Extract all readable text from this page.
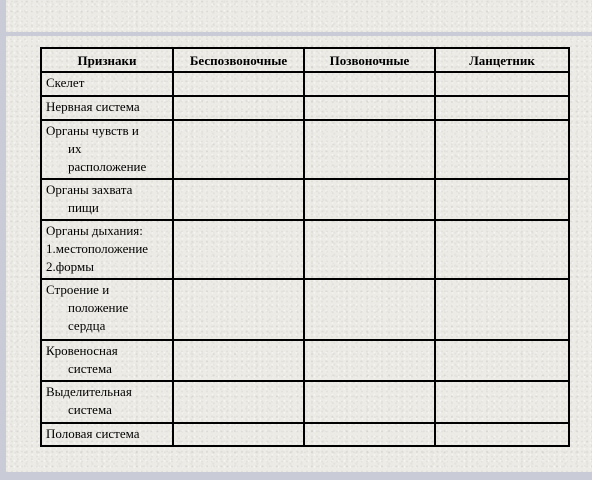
Признаки	Беспозвоночные	Позвоночные	Ланцетник

Скелет			

Нервная система			

Органы чувств и
их
расположение			

Органы захвата
пищи			

Органы дыхания:
1.местоположение
2.формы			

Строение и
положение
сердца			

Кровеносная
система			

Выделительная
система			

Половая система			
